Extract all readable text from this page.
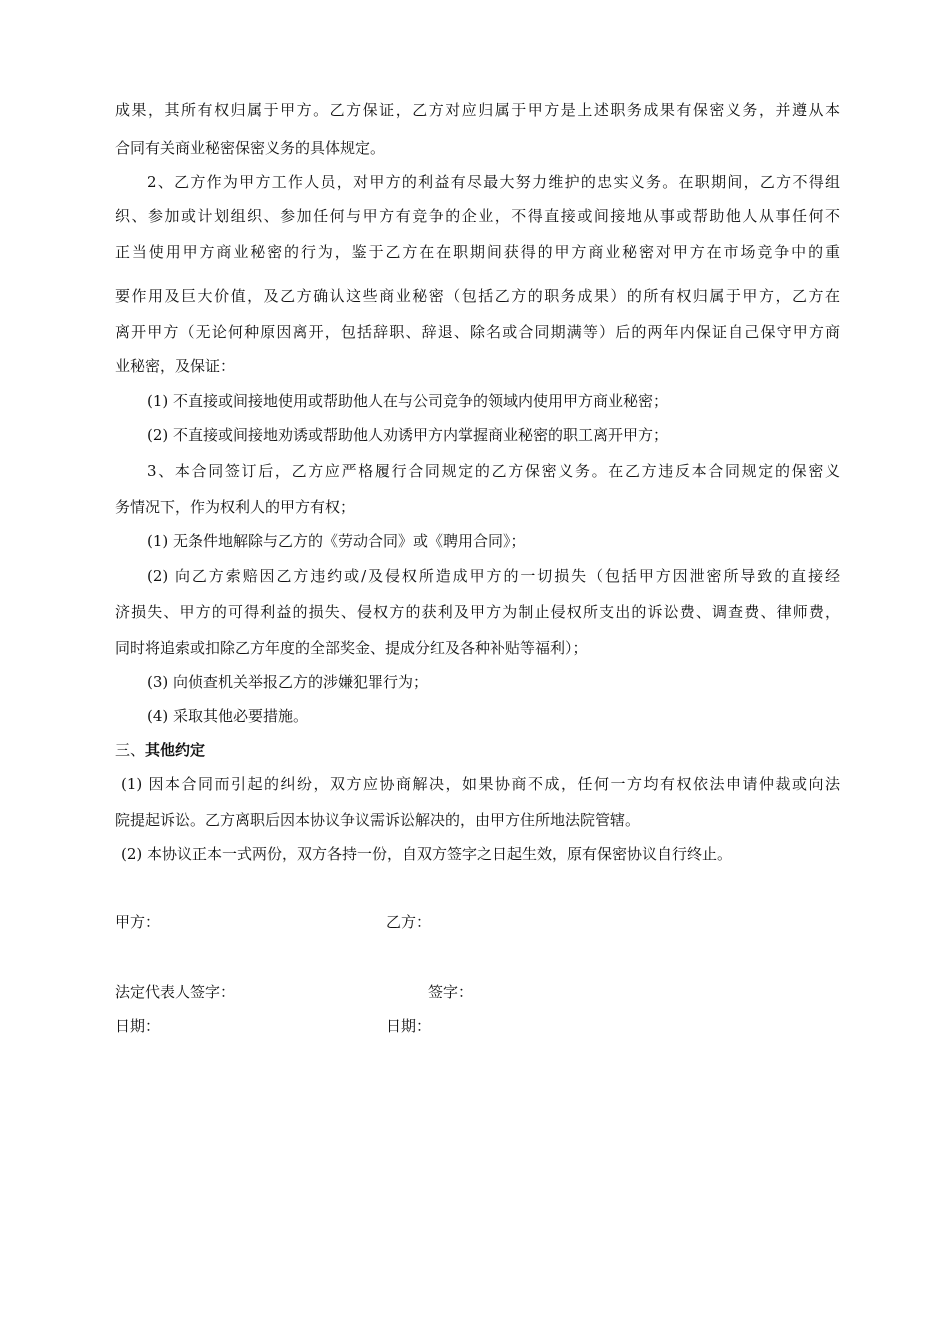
成果，其所有权归属于甲方。乙方保证，乙方对应归属于甲方是上述职务成果有保密义务，并遵从本
合同有关商业秘密保密义务的具体规定。
2、乙方作为甲方工作人员，对甲方的利益有尽最大努力维护的忠实义务。在职期间，乙方不得组
织、参加或计划组织、参加任何与甲方有竞争的企业，不得直接或间接地从事或帮助他人从事任何不
正当使用甲方商业秘密的行为，鉴于乙方在在职期间获得的甲方商业秘密对甲方在市场竞争中的重
要作用及巨大价值，及乙方确认这些商业秘密（包括乙方的职务成果）的所有权归属于甲方，乙方在
离开甲方（无论何种原因离开，包括辞职、辞退、除名或合同期满等）后的两年内保证自己保守甲方商
业秘密，及保证：
(1) 不直接或间接地使用或帮助他人在与公司竞争的领域内使用甲方商业秘密；
(2) 不直接或间接地劝诱或帮助他人劝诱甲方内掌握商业秘密的职工离开甲方；
3、本合同签订后，乙方应严格履行合同规定的乙方保密义务。在乙方违反本合同规定的保密义
务情况下，作为权利人的甲方有权；
(1) 无条件地解除与乙方的《劳动合同》或《聘用合同》；
(2) 向乙方索赔因乙方违约或/及侵权所造成甲方的一切损失（包括甲方因泄密所导致的直接经
济损失、甲方的可得利益的损失、侵权方的获利及甲方为制止侵权所支出的诉讼费、调查费、律师费，
同时将追索或扣除乙方年度的全部奖金、提成分红及各种补贴等福利）；
(3) 向侦查机关举报乙方的涉嫌犯罪行为；
(4) 采取其他必要措施。
三、其他约定
(1) 因本合同而引起的纠纷，双方应协商解决，如果协商不成，任何一方均有权依法申请仲裁或向法
院提起诉讼。乙方离职后因本协议争议需诉讼解决的，由甲方住所地法院管辖。
(2) 本协议正本一式两份，双方各持一份，自双方签字之日起生效，原有保密协议自行终止。
甲方：	乙方：
法定代表人签字：	签字：
日期：	日期：
